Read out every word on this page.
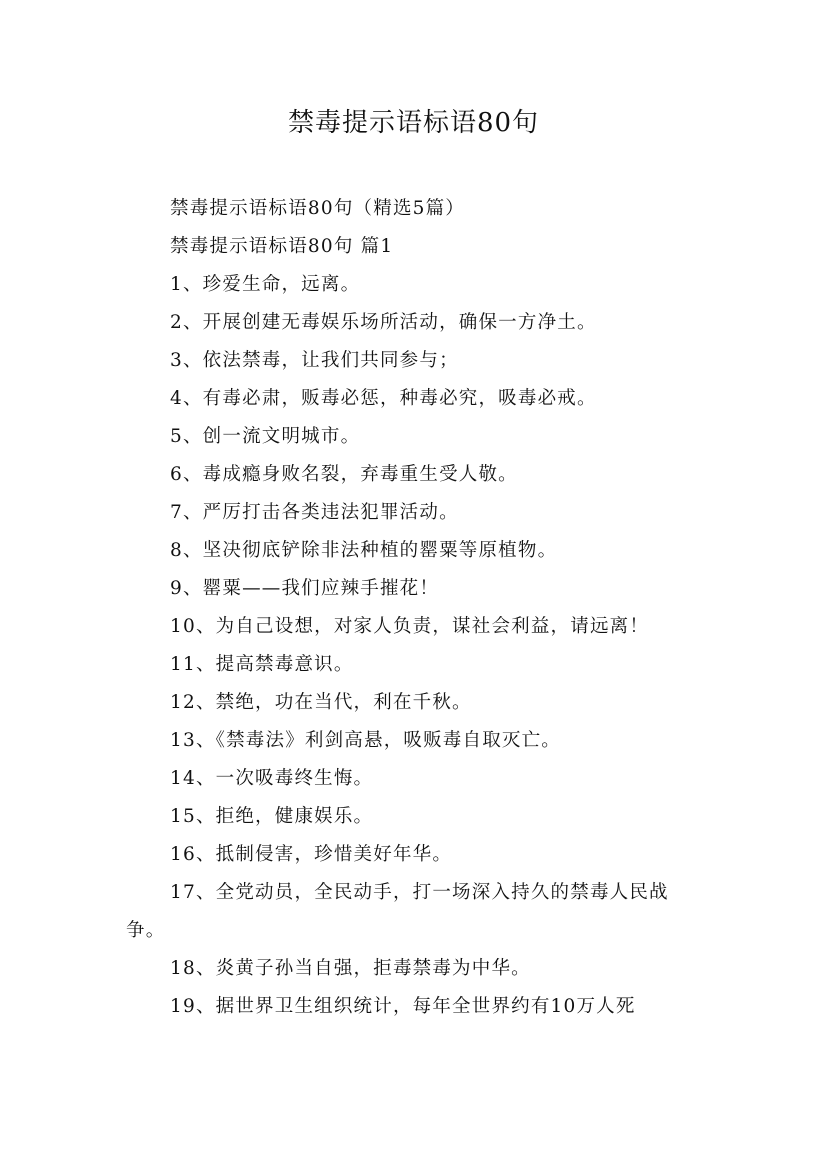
禁毒提示语标语80句

禁毒提示语标语80句（精选5篇）

禁毒提示语标语80句 篇1

1、珍爱生命，远离。

2、开展创建无毒娱乐场所活动，确保一方净土。

3、依法禁毒，让我们共同参与；

4、有毒必肃，贩毒必惩，种毒必究，吸毒必戒。

5、创一流文明城市。

6、毒成瘾身败名裂，弃毒重生受人敬。

7、严厉打击各类违法犯罪活动。

8、坚决彻底铲除非法种植的罂粟等原植物。

9、罂粟——我们应辣手摧花！

10、为自己设想，对家人负责，谋社会利益，请远离！

11、提高禁毒意识。

12、禁绝，功在当代，利在千秋。

13、《禁毒法》利剑高悬，吸贩毒自取灭亡。

14、一次吸毒终生悔。

15、拒绝，健康娱乐。

16、抵制侵害，珍惜美好年华。

17、全党动员，全民动手，打一场深入持久的禁毒人民战争。

18、炎黄子孙当自强，拒毒禁毒为中华。

19、据世界卫生组织统计，每年全世界约有10万人死
